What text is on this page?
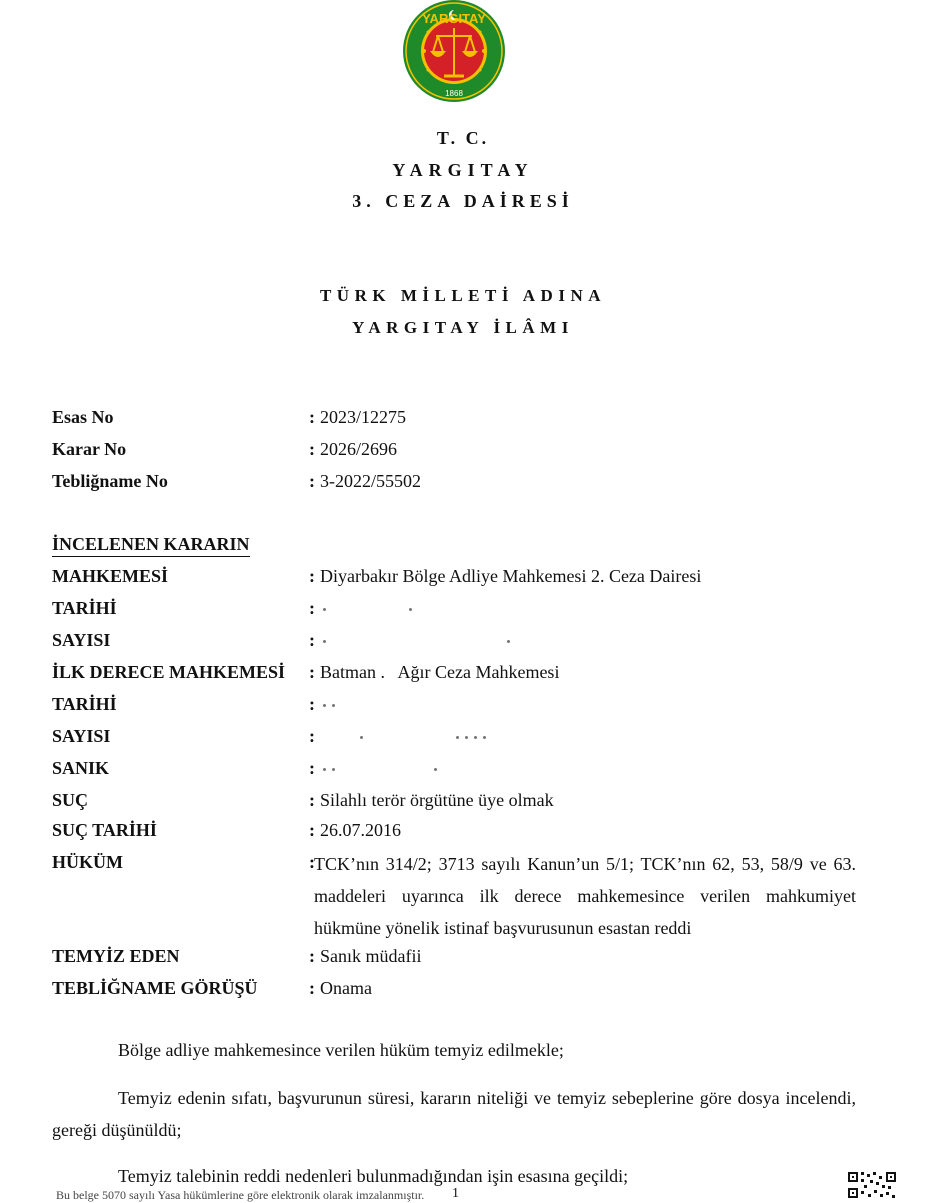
YARGITAY
1868
T. C.
YARGITAY
3. CEZA DAİRESİ
TÜRK MİLLETİ ADINA
YARGITAY İLÂMI
Esas No	: 2023/12275
Karar No	: 2026/2696
Tebliğname No	: 3-2022/55502
İNCELENEN KARARIN
MAHKEMESİ	: Diyarbakır Bölge Adliye Mahkemesi 2. Ceza Dairesi
TARİHİ	:
SAYISI	:
İLK DERECE MAHKEMESİ : Batman .   Ağır Ceza Mahkemesi
TARİHİ	:
SAYISI	:
SANIK	:
SUÇ	: Silahlı terör örgütüne üye olmak
SUÇ TARİHİ	: 26.07.2016
HÜKÜM	: TCK’nın 314/2; 3713 sayılı Kanun’un 5/1; TCK’nın 62, 53, 58/9 ve 63. maddeleri uyarınca ilk derece mahkemesince verilen mahkumiyet hükmüne yönelik istinaf başvurusunun esastan reddi
TEMYİZ EDEN	: Sanık müdafii
TEBLİĞNAME GÖRÜŞÜ	: Onama
Bölge adliye mahkemesince verilen hüküm temyiz edilmekle;
Temyiz edenin sıfatı, başvurunun süresi, kararın niteliği ve temyiz sebeplerine göre dosya incelendi, gereği düşünüldü;
Temyiz talebinin reddi nedenleri bulunmadığından işin esasına geçildi;
Bu belge 5070 sayılı Yasa hükümlerine göre elektronik olarak imzalanmıştır. 1
